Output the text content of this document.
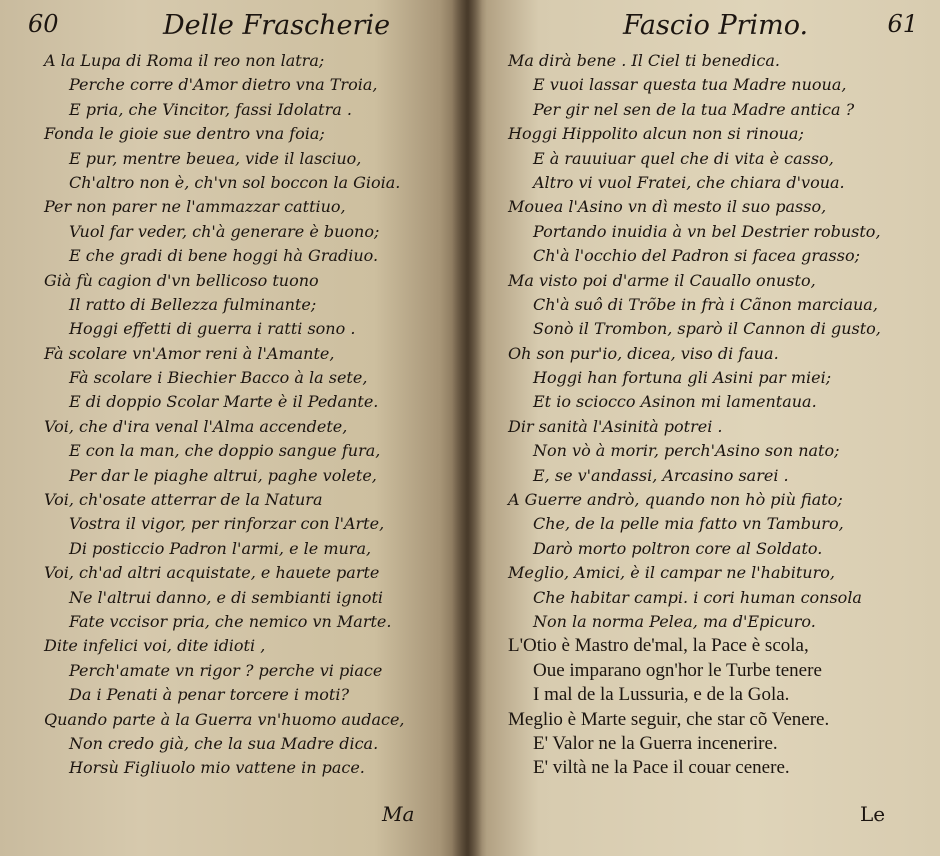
60	Delle Frascherie
A la Lupa di Roma il reo non latra;
Perche corre d'Amor dietro vna Troia,
E pria, che Vincitor, fassi Idolatra .
Fonda le gioie sue dentro vna foia;
E pur, mentre beuea, vide il lasciuo,
Ch'altro non è, ch'vn sol boccon la Gioia.
Per non parer ne l'ammazzar cattiuo,
Vuol far veder, ch'à generare è buono;
E che gradi di bene hoggi hà Gradiuo.
Già fù cagion d'vn bellicoso tuono
Il ratto di Bellezza fulminante;
Hoggi effetti di guerra i ratti sono .
Fà scolare vn'Amor reni à l'Amante,
Fà scolare i Biechier Bacco à la sete,
E di doppio Scolar Marte è il Pedante.
Voi, che d'ira venal l'Alma accendete,
E con la man, che doppio sangue fura,
Per dar le piaghe altrui, paghe volete,
Voi, ch'osate atterrar de la Natura
Vostra il vigor, per rinforzar con l'Arte,
Di posticcio Padron l'armi, e le mura,
Voi, ch'ad altri acquistate, e hauete parte
Ne l'altrui danno, e di sembianti ignoti
Fate vccisor pria, che nemico vn Marte.
Dite infelici voi, dite idioti ,
Perch'amate vn rigor ? perche vi piace
Da i Penati à penar torcere i moti?
Quando parte à la Guerra vn'huomo audace,
Non credo già, che la sua Madre dica.
Horsù Figliuolo mio vattene in pace.
Ma
Fascio Primo.	61
Ma dirà bene . Il Ciel ti benedica.
E vuoi lassar questa tua Madre nuoua,
Per gir nel sen de la tua Madre antica ?
Hoggi Hippolito alcun non si rinoua;
E à rauuiuar quel che di vita è casso,
Altro vi vuol Fratei, che chiara d'voua.
Mouea l'Asino vn dì mesto il suo passo,
Portando inuidia à vn bel Destrier robusto,
Ch'à l'occhio del Padron si facea grasso;
Ma visto poi d'arme il Cauallo onusto,
Ch'à suô di Trõbe in frà i Cãnon marciaua,
Sonò il Trombon, sparò il Cannon di gusto,
Oh son pur'io, dicea, viso di faua.
Hoggi han fortuna gli Asini par miei;
Et io sciocco Asinon mi lamentaua.
Dir sanità l'Asinità potrei .
Non vò à morir, perch'Asino son nato;
E, se v'andassi, Arcasino sarei .
A Guerre andrò, quando non hò più fiato;
Che, de la pelle mia fatto vn Tamburo,
Darò morto poltron core al Soldato.
Meglio, Amici, è il campar ne l'habituro,
Che habitar campi. i cori human consola
Non la norma Pelea, ma d'Epicuro.
L'Otio è Mastro de'mal, la Pace è scola,
Oue imparano ogn'hor le Turbe tenere
I mal de la Lussuria, e de la Gola.
Meglio è Marte seguir, che star cõ Venere.
E' Valor ne la Guerra incenerire.
E' viltà ne la Pace il couar cenere.
Le
